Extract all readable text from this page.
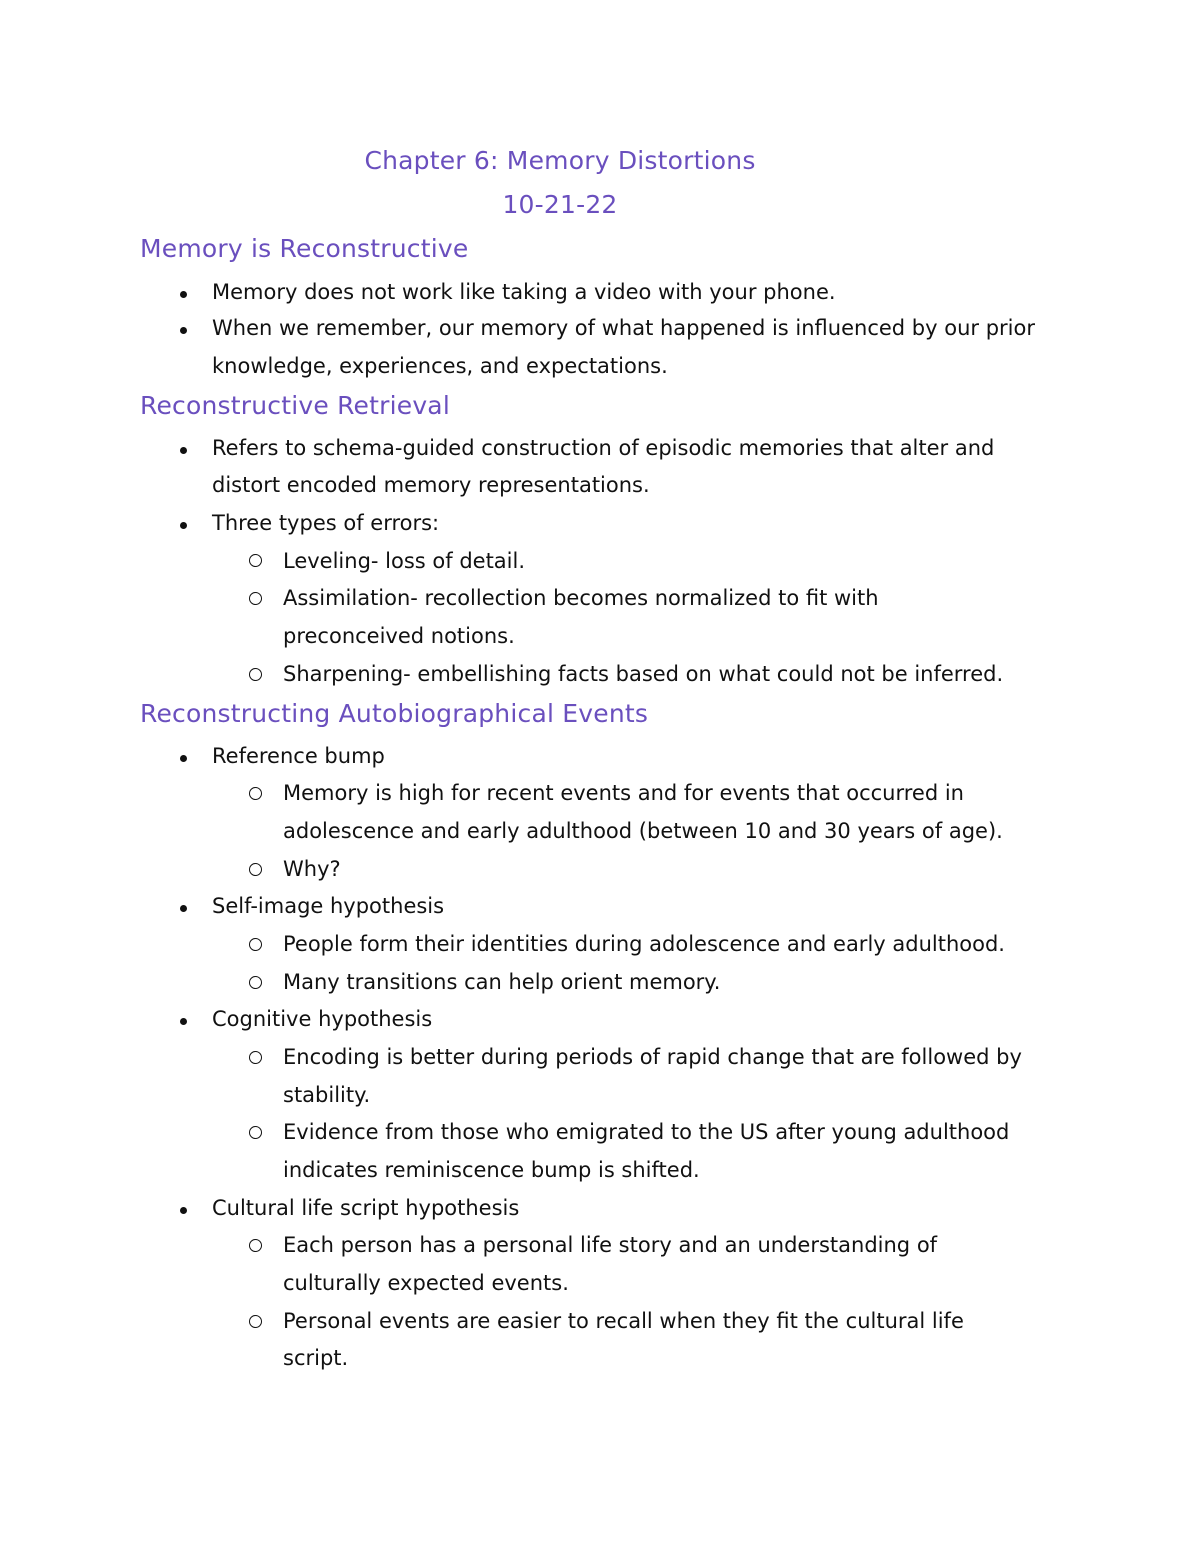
Chapter 6: Memory Distortions
10-21-22
Memory is Reconstructive

Memory does not work like taking a video with your phone.

When we remember, our memory of what happened is influenced by our prior

knowledge, experiences, and expectations.

Reconstructive Retrieval

Refers to schema-guided construction of episodic memories that alter and

distort encoded memory representations.

Three types of errors:

Leveling- loss of detail.

Assimilation- recollection becomes normalized to fit with

preconceived notions.

Sharpening- embellishing facts based on what could not be inferred.

Reconstructing Autobiographical Events

Reference bump

Memory is high for recent events and for events that occurred in

adolescence and early adulthood (between 10 and 30 years of age).

Why?

Self-image hypothesis

People form their identities during adolescence and early adulthood.

Many transitions can help orient memory.

Cognitive hypothesis

Encoding is better during periods of rapid change that are followed by

stability.

Evidence from those who emigrated to the US after young adulthood

indicates reminiscence bump is shifted.

Cultural life script hypothesis

Each person has a personal life story and an understanding of

culturally expected events.

Personal events are easier to recall when they fit the cultural life

script.
